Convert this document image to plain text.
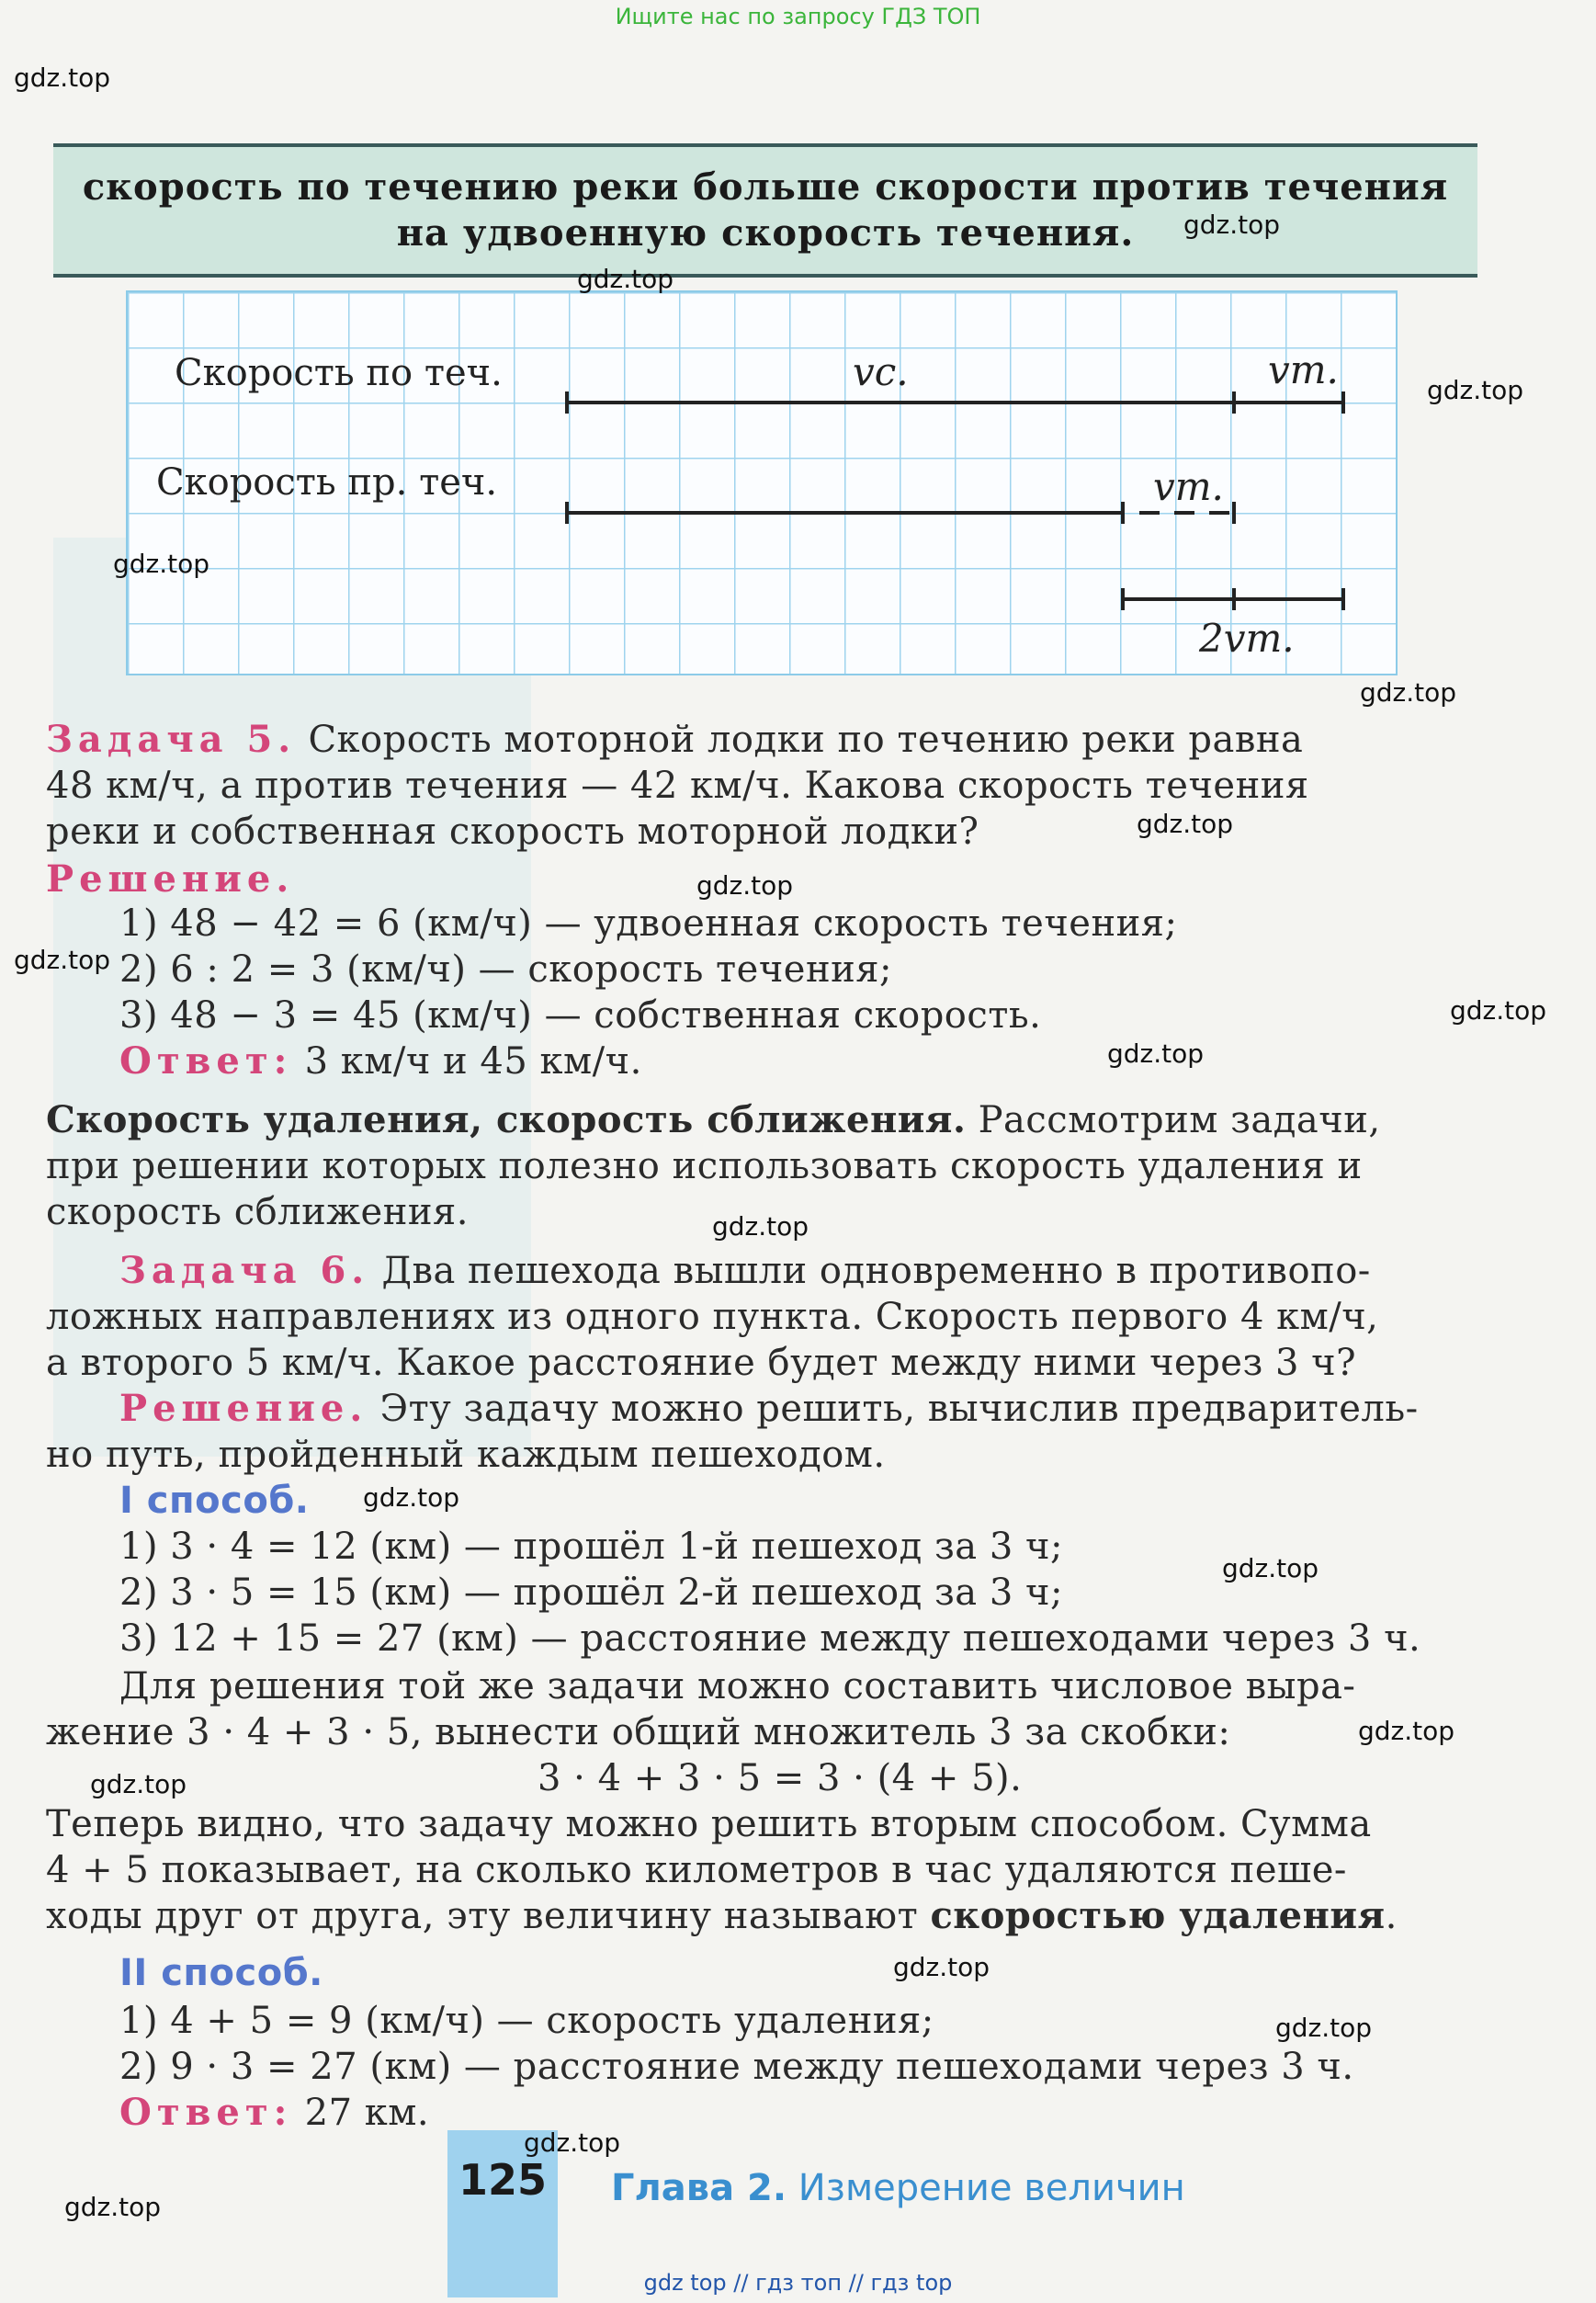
Ищите нас по запросу ГДЗ ТОП
скорость по течению реки больше скорости против течения
на удвоенную скорость течения.
Скорость по теч.
Скорость пр. теч.
vс.	vт.
vт.
2vт.
Задача 5. Скорость моторной лодки по течению реки равна
48 км/ч, а против течения — 42 км/ч. Какова скорость течения
реки и собственная скорость моторной лодки?
Решение.
1) 48 − 42 = 6 (км/ч) — удвоенная скорость течения;
2) 6 : 2 = 3 (км/ч) — скорость течения;
3) 48 − 3 = 45 (км/ч) — собственная скорость.
Ответ: 3 км/ч и 45 км/ч.
Скорость удаления, скорость сближения. Рассмотрим задачи,
при решении которых полезно использовать скорость удаления и
скорость сближения.
Задача 6. Два пешехода вышли одновременно в противопо-
ложных направлениях из одного пункта. Скорость первого 4 км/ч,
а второго 5 км/ч. Какое расстояние будет между ними через 3 ч?
Решение. Эту задачу можно решить, вычислив предваритель-
но путь, пройденный каждым пешеходом.
I способ.
1) 3 · 4 = 12 (км) — прошёл 1-й пешеход за 3 ч;
2) 3 · 5 = 15 (км) — прошёл 2-й пешеход за 3 ч;
3) 12 + 15 = 27 (км) — расстояние между пешеходами через 3 ч.
Для решения той же задачи можно составить числовое выра-
жение 3 · 4 + 3 · 5, вынести общий множитель 3 за скобки:
3 · 4 + 3 · 5 = 3 · (4 + 5).
Теперь видно, что задачу можно решить вторым способом. Сумма
4 + 5 показывает, на сколько километров в час удаляются пеше-
ходы друг от друга, эту величину называют скоростью удаления.
II способ.
1) 4 + 5 = 9 (км/ч) — скорость удаления;
2) 9 · 3 = 27 (км) — расстояние между пешеходами через 3 ч.
Ответ: 27 км.
125 Глава 2. Измерение величин
gdz top // гдз топ // гдз top
gdz.top
gdz.top
gdz.top
gdz.top
gdz.top
gdz.top
gdz.top
gdz.top
gdz.top
gdz.top
gdz.top
gdz.top
gdz.top
gdz.top
gdz.top
gdz.top
gdz.top
gdz.top
gdz.top
gdz.top
